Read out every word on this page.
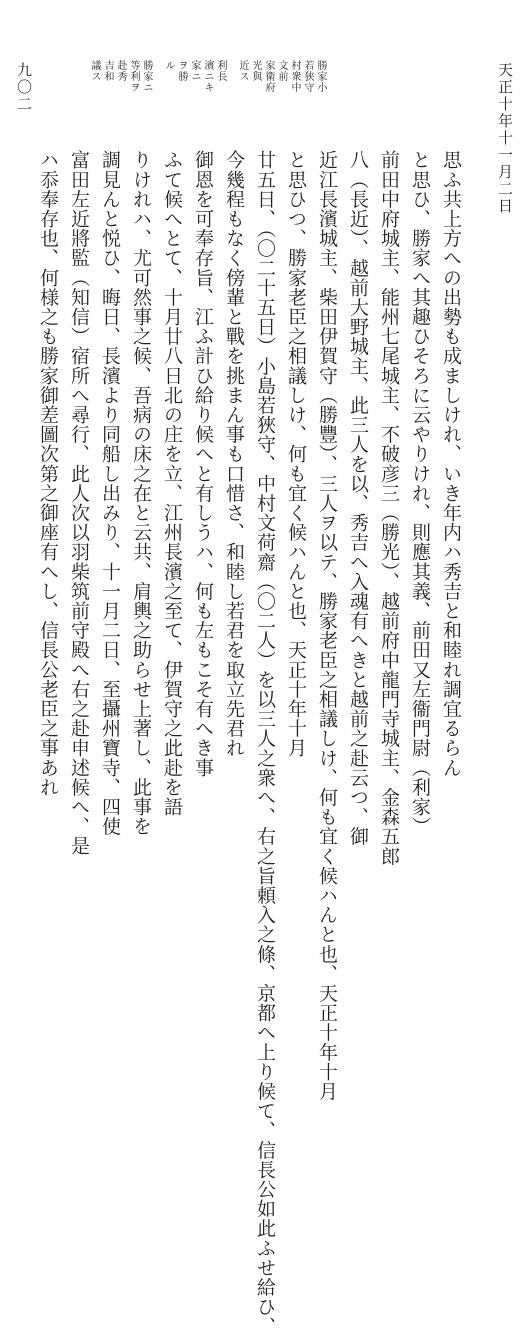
天正十年十一月二日
九〇二	勝家小
若狭守
村衆中
文前
家衛府
光與
近ス
利長
濱ニキ
家ニ
ヲ勝
ル
勝家ニ
等利ヲ
赴秀
吉和
議ス
思ふ共上方への出勢も成ましけれ、いき年内ハ秀吉と和睦れ調宜るらん
と思ひ、勝家へ其趣ひそろに云やりけれ、則應其義、前田又左衞門尉（利家）
前田中府城主、能州七尾城主、不破彦三（勝光）、越前府中龍門寺城主、金森五郎
八（長近）、越前大野城主、此三人を以、秀吉へ入魂有へきと越前之赴云つ、御
近江長濱城主、柴田伊賀守（勝豐）、三人ヲ以テ、勝家老臣之相議しけ、何も宜く候ハんと也、天正十年十月
と思ひつ、勝家老臣之相議しけ、何も宜く候ハんと也、天正十年十月
廿五日、（〇二十五日）小島若狹守、中村文荷齋（〇二人）を以三人之衆へ、右之旨頼入之條、京都へ上り候て、信長公如此ふせ給ひ、
今幾程もなく傍輩と戰を挑まん事も口惜さ、和睦し若君を取立先君れ
御恩を可奉存旨、江ふ計ひ給り候へと有しうハ、何も左もこそ有へき事
ふて候へとて、十月廿八日北の庄を立、江州長濱之至て、伊賀守之此赴を語
りけれハ、尤可然事之候、吾病の床之在と云共、肩輿之助らせ上著し、此事を
調見んと悦ひ、晦日、長濱より同船し出みり、十一月二日、至攝州寶寺、四使
富田左近將監（知信）宿所へ尋行、此人次以羽柴筑前守殿へ右之赴申述候へ、是
ハ忝奉存也、何様之も勝家御差圖次第之御座有へし、信長公老臣之事あれ
